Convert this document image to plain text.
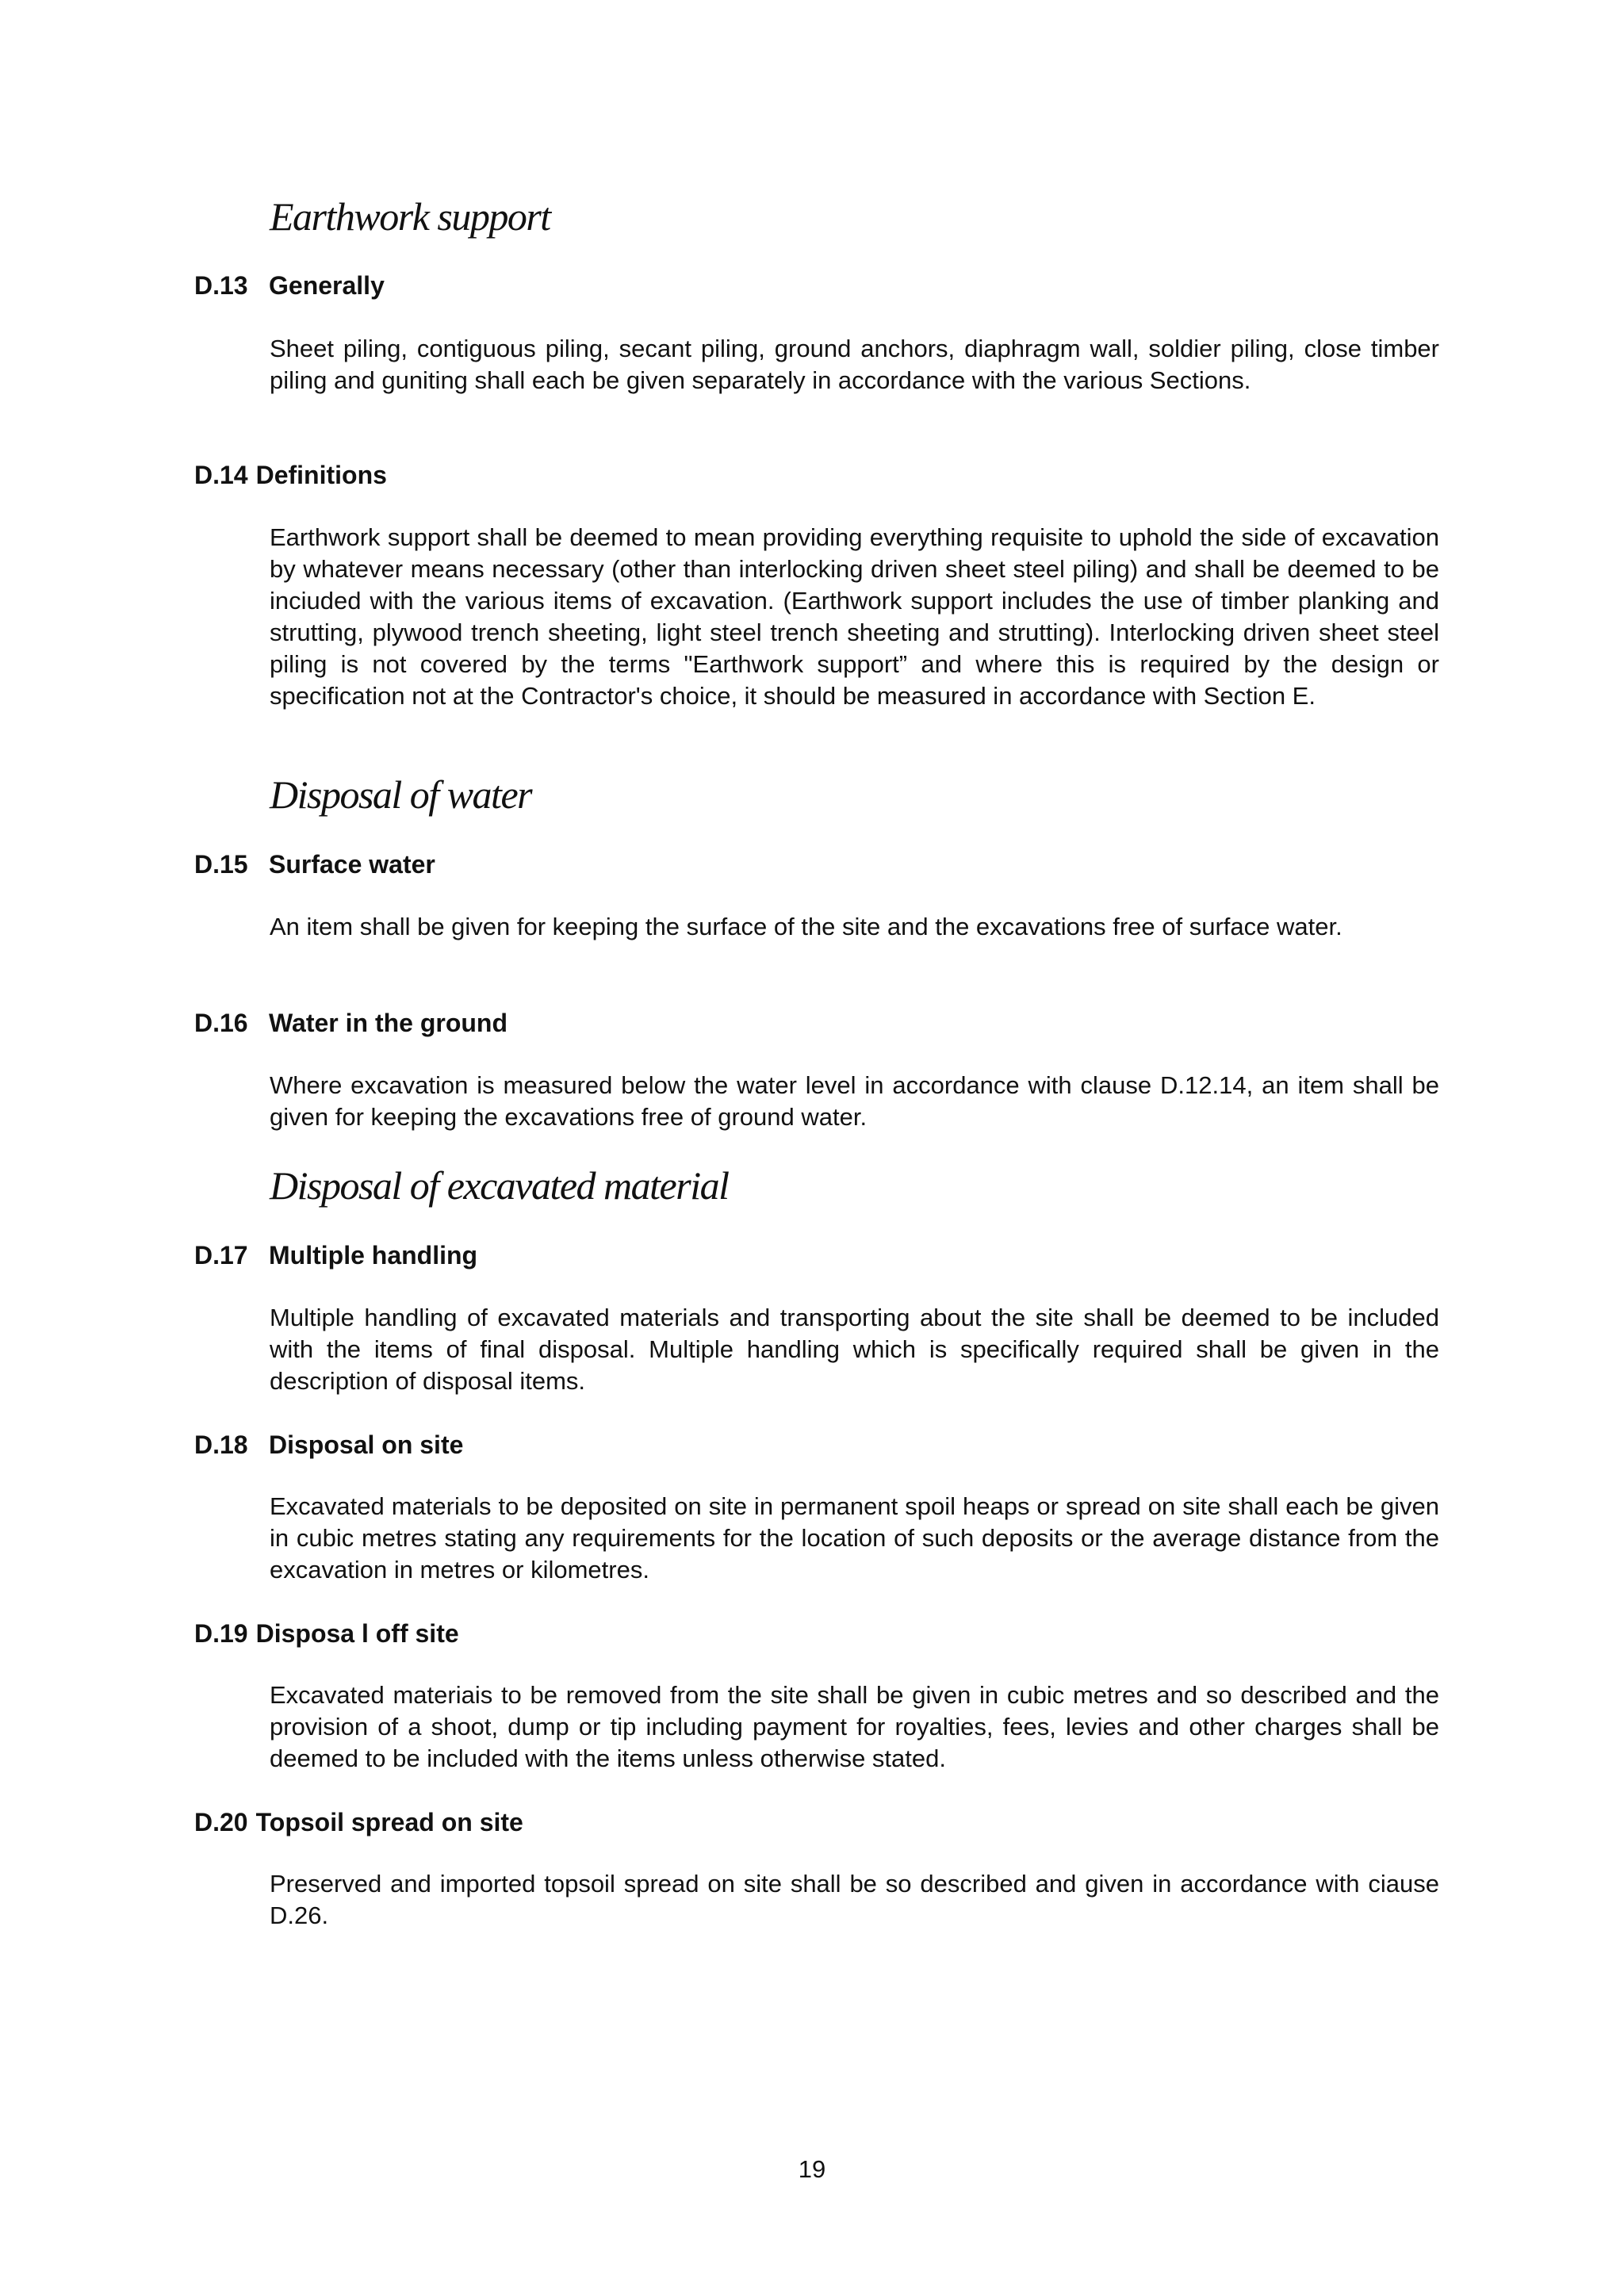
Earthwork support
D.13 Generally

Sheet piling, contiguous piling, secant piling, ground anchors, diaphragm wall, soldier piling, close timber piling and guniting shall each be given separately in accordance with the various Sections.

D.14 Definitions

Earthwork support shall be deemed to mean providing everything requisite to uphold the side of excavation by whatever means necessary (other than interlocking driven sheet steel piling) and shall be deemed to be inciuded with the various items of excavation. (Earthwork support includes the use of timber planking and strutting, plywood trench sheeting, light steel trench sheeting and strutting). Interlocking driven sheet steel piling is not covered by the terms "Earthwork support” and where this is required by the design or specification not at the Contractor's choice, it should be measured in accordance with Section E.

Disposal of water
D.15 Surface water

An item shall be given for keeping the surface of the site and the excavations free of surface water.

D.16 Water in the ground

Where excavation is measured below the water level in accordance with clause D.12.14, an item shall be given for keeping the excavations free of ground water.

Disposal of excavated material
D.17 Multiple handling

Multiple handling of excavated materials and transporting about the site shall be deemed to be included with the items of final disposal. Multiple handling which is specifically required shall be given in the description of disposal items.

D.18 Disposal on site

Excavated materials to be deposited on site in permanent spoil heaps or spread on site shall each be given in cubic metres stating any requirements for the location of such deposits or the average distance from the excavation in metres or kilometres.

D.19 Disposa l off site

Excavated materiais to be removed from the site shall be given in cubic metres and so described and the provision of a shoot, dump or tip including payment for royalties, fees, levies and other charges shall be deemed to be included with the items unless otherwise stated.

D.20 Topsoil spread on site

Preserved and imported topsoil spread on site shall be so described and given in accordance with ciause D.26.

19
